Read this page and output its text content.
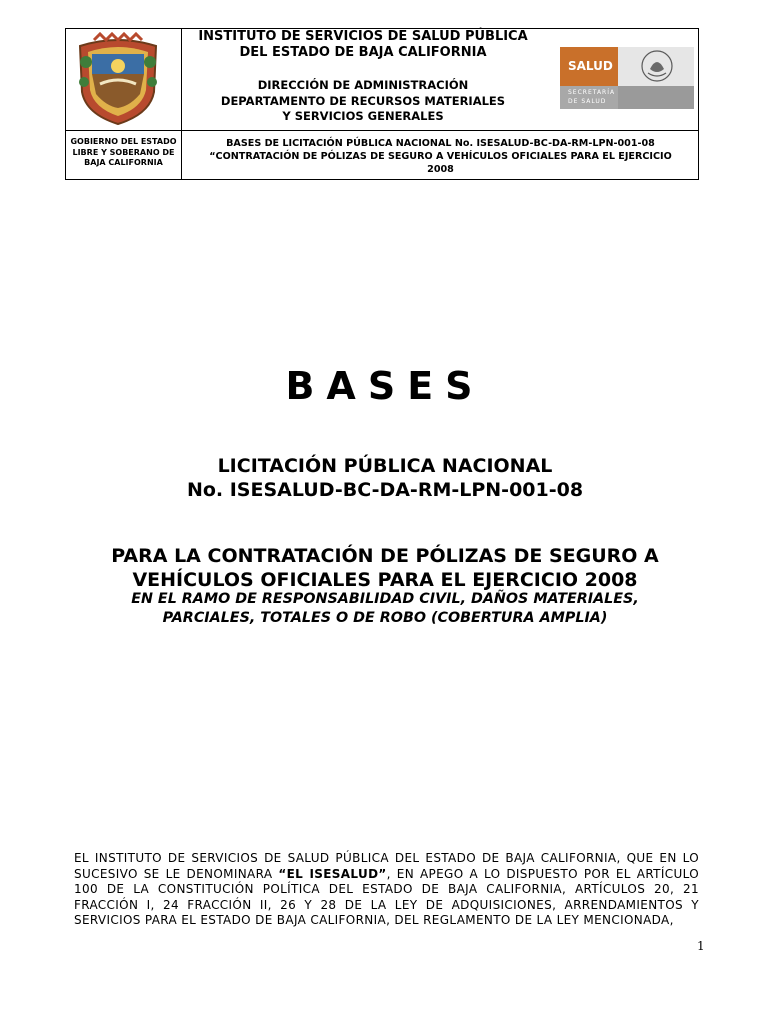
INSTITUTO DE SERVICIOS DE SALUD PÚBLICA
DEL ESTADO DE BAJA CALIFORNIA
DIRECCIÓN DE ADMINISTRACIÓN
DEPARTAMENTO DE RECURSOS MATERIALES
Y SERVICIOS GENERALES
SALUD
SECRETARÍA
DE SALUD
GOBIERNO DEL ESTADO
LIBRE Y SOBERANO DE
BAJA CALIFORNIA
BASES DE LICITACIÓN PÚBLICA NACIONAL No. ISESALUD-BC-DA-RM-LPN-001-08
“CONTRATACIÓN DE PÓLIZAS DE SEGURO A VEHÍCULOS OFICIALES PARA EL EJERCICIO
2008
BASES
LICITACIÓN PÚBLICA NACIONAL
No. ISESALUD-BC-DA-RM-LPN-001-08
PARA LA CONTRATACIÓN DE PÓLIZAS DE SEGURO A
VEHÍCULOS OFICIALES PARA EL EJERCICIO 2008
EN EL RAMO DE RESPONSABILIDAD CIVIL, DAÑOS MATERIALES,
PARCIALES, TOTALES O DE ROBO (COBERTURA AMPLIA)
EL INSTITUTO DE SERVICIOS DE SALUD PÚBLICA DEL ESTADO DE BAJA CALIFORNIA, QUE EN LO SUCESIVO SE LE DENOMINARA “EL ISESALUD”, EN APEGO A LO DISPUESTO POR EL ARTÍCULO 100 DE LA CONSTITUCIÓN POLÍTICA DEL ESTADO DE BAJA CALIFORNIA, ARTÍCULOS 20, 21 FRACCIÓN I, 24 FRACCIÓN II, 26 Y 28 DE LA LEY DE ADQUISICIONES, ARRENDAMIENTOS Y SERVICIOS PARA EL ESTADO DE BAJA CALIFORNIA, DEL REGLAMENTO DE LA LEY MENCIONADA,
1
